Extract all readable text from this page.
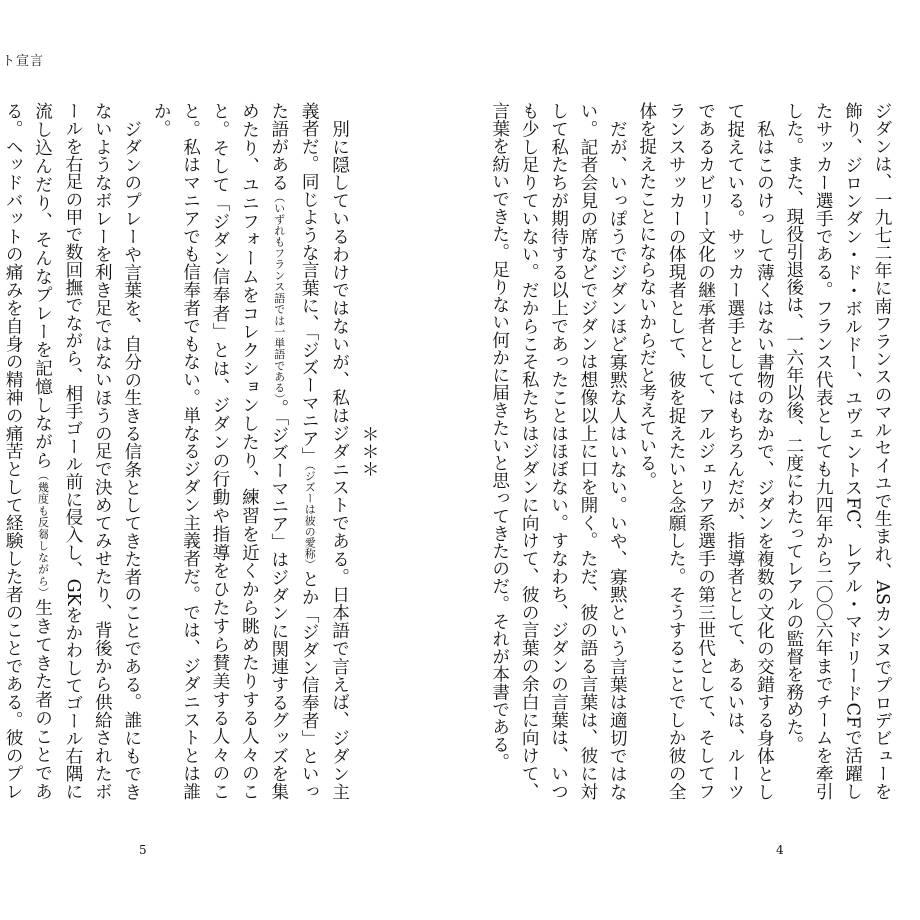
ト宣言

ジダンは、一九七二年に南フランスのマルセイユで生まれ、ASカンヌでプロデビューを飾り、ジロンダン・ド・ボルドー、ユヴェントスFC、レアル・マドリードCFで活躍したサッカー選手である。フランス代表としても九四年から二〇〇六年までチームを牽引した。また、現役引退後は、一六年以後、二度にわたってレアルの監督を務めた。

私はこのけっして薄くはない書物のなかで、ジダンを複数の文化の交錯する身体として捉えている。サッカー選手としてはもちろんだが、指導者として、あるいは、ルーツであるカビリー文化の継承者として、アルジェリア系選手の第三世代として、そしてフランスサッカーの体現者として、彼を捉えたいと念願した。そうすることでしか彼の全体を捉えたことにならないからだと考えている。

だが、いっぽうでジダンほど寡黙な人はいない。いや、寡黙という言葉は適切ではない。記者会見の席などでジダンは想像以上に口を開く。ただ、彼の語る言葉は、彼に対して私たちが期待する以上であったことはほぼない。すなわち、ジダンの言葉は、いつも少し足りていない。だからこそ私たちはジダンに向けて、彼の言葉の余白に向けて、言葉を紡いできた。足りない何かに届きたいと思ってきたのだ。それが本書である。

＊＊＊

別に隠しているわけではないが、私はジダニストである。日本語で言えば、ジダン主義者だ。同じような言葉に、「ジズーマニア」（ジズーは彼の愛称）とか「ジダン信奉者」といった語がある（いずれもフランス語では一単語である）。「ジズーマニア」はジダンに関連するグッズを集めたり、ユニフォームをコレクションしたり、練習を近くから眺めたりする人々のこと。そして「ジダン信奉者」とは、ジダンの行動や指導をひたすら賛美する人々のこと。私はマニアでも信奉者でもない。単なるジダン主義者だ。では、ジダニストとは誰か。

ジダンのプレーや言葉を、自分の生きる信条としてきた者のことである。誰にもできないようなボレーを利き足ではないほうの足で決めてみせたり、背後から供給されたボールを右足の甲で数回撫でながら、相手ゴール前に侵入し、GKをかわしてゴール右隅に流し込んだり、そんなプレーを記憶しながら（幾度も反芻しながら）生きてきた者のことである。ヘッドバットの痛みを自身の精神の痛苦として経験した者のことである。彼のプレ

5	4
